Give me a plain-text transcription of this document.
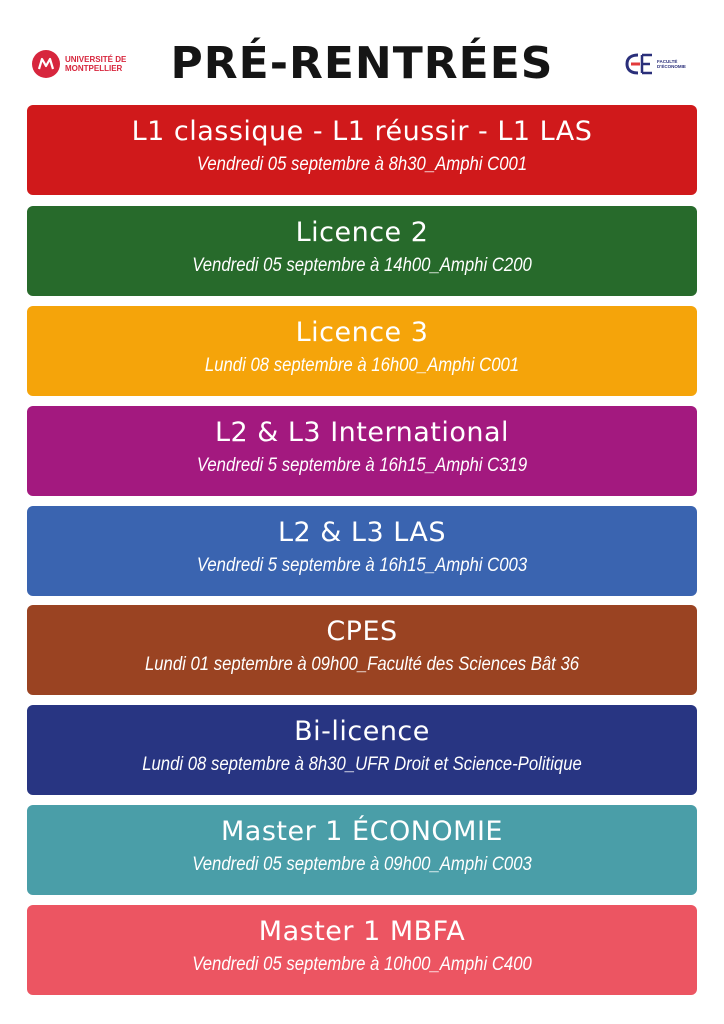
UNIVERSITÉ DE
MONTPELLIER	PRÉ-RENTRÉES	FACULTÉ
D'ÉCONOMIE
L1 classique - L1 réussir - L1 LAS
Vendredi 05 septembre à 8h30_Amphi C001
Licence 2
Vendredi 05 septembre à 14h00_Amphi C200
Licence 3
Lundi 08 septembre à 16h00_Amphi C001
L2 & L3 International
Vendredi 5 septembre à 16h15_Amphi C319
L2 & L3 LAS
Vendredi 5 septembre à 16h15_Amphi C003
CPES
Lundi 01 septembre à 09h00_Faculté des Sciences Bât 36
Bi-licence
Lundi 08 septembre à 8h30_UFR Droit et Science-Politique
Master 1 ÉCONOMIE
Vendredi 05 septembre à 09h00_Amphi C003
Master 1 MBFA
Vendredi 05 septembre à 10h00_Amphi C400
